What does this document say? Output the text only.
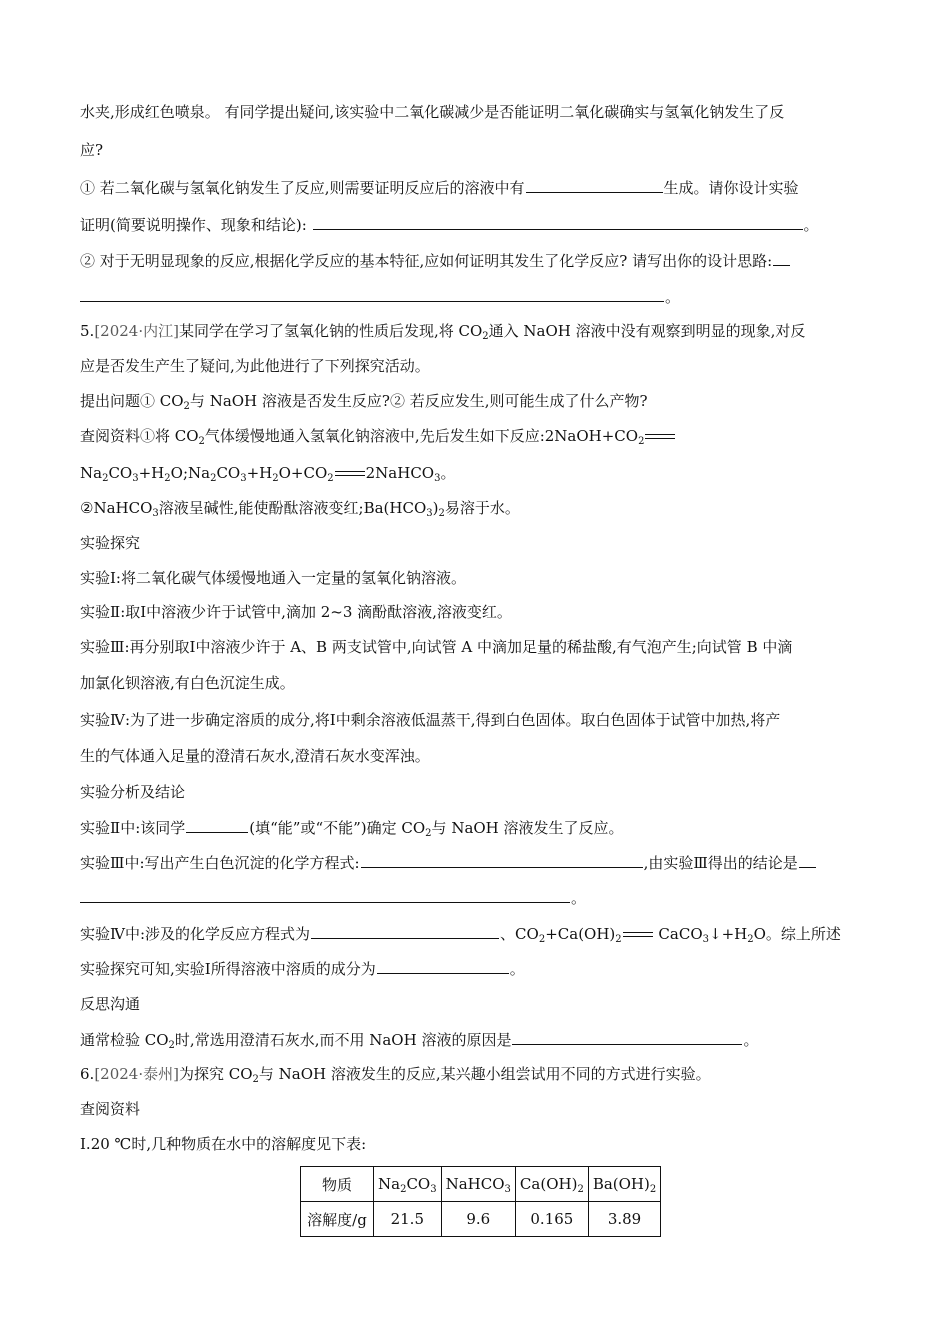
水夹,形成红色喷泉。 有同学提出疑问,该实验中二氧化碳减少是否能证明二氧化碳确实与氢氧化钠发生了反
应?
① 若二氧化碳与氢氧化钠发生了反应,则需要证明反应后的溶液中有	生成。请你设计实验
证明(简要说明操作、现象和结论):	。
② 对于无明显现象的反应,根据化学反应的基本特征,应如何证明其发生了化学反应? 请写出你的设计思路:
。
5.[2024·内江]某同学在学习了氢氧化钠的性质后发现,将 $CO_2$通入 NaOH 溶液中没有观察到明显的现象,对反
应是否发生产生了疑问,为此他进行了下列探究活动。
提出问题① $CO_2$与 NaOH 溶液是否发生反应?② 若反应发生,则可能生成了什么产物?
查阅资料①将 $CO_2$气体缓慢地通入氢氧化钠溶液中,先后发生如下反应$:2NaOH+CO_2$
$Na_2CO_3+H_2O;Na_2CO_3+H_2O+CO_2$ 2NaHCO$_3$。
②NaHCO$_3$溶液呈碱性,能使酚酞溶液变红$;Ba(HCO_3)_2$易溶于水。
实验探究
实验Ⅰ:将二氧化碳气体缓慢地通入一定量的氢氧化钠溶液。
实验Ⅱ:取Ⅰ中溶液少许于试管中,滴加 2~3 滴酚酞溶液,溶液变红。
实验Ⅲ:再分别取Ⅰ中溶液少许于 A、B 两支试管中,向试管 A 中滴加足量的稀盐酸,有气泡产生;向试管 B 中滴
加氯化钡溶液,有白色沉淀生成。
实验Ⅳ:为了进一步确定溶质的成分,将Ⅰ中剩余溶液低温蒸干,得到白色固体。取白色固体于试管中加热,将产
生的气体通入足量的澄清石灰水,澄清石灰水变浑浊。
实验分析及结论
实验Ⅱ中:该同学	(填“能”或“不能”)确定 $CO_2$与 NaOH 溶液发生了反应。
实验Ⅲ中:写出产生白色沉淀的化学方程式:	,由实验Ⅲ得出的结论是
。
实验Ⅳ中:涉及的化学反应方程式为	、$CO_2+Ca(OH)_2$ $CaCO_3↓+H_2O$。综上所述
实验探究可知,实验Ⅰ所得溶液中溶质的成分为	。
反思沟通
通常检验 $CO_2$时,常选用澄清石灰水,而不用 NaOH 溶液的原因是	。
6.[2024·泰州]为探究 $CO_2$与 NaOH 溶液发生的反应,某兴趣小组尝试用不同的方式进行实验。
查阅资料
Ⅰ.20 ℃时,几种物质在水中的溶解度见下表:
物质	$Na_2CO_3$	NaHCO$_3$	$Ca(OH)_2$	$Ba(OH)_2$
溶解度/g	21.5	9.6	0.165	3.89
